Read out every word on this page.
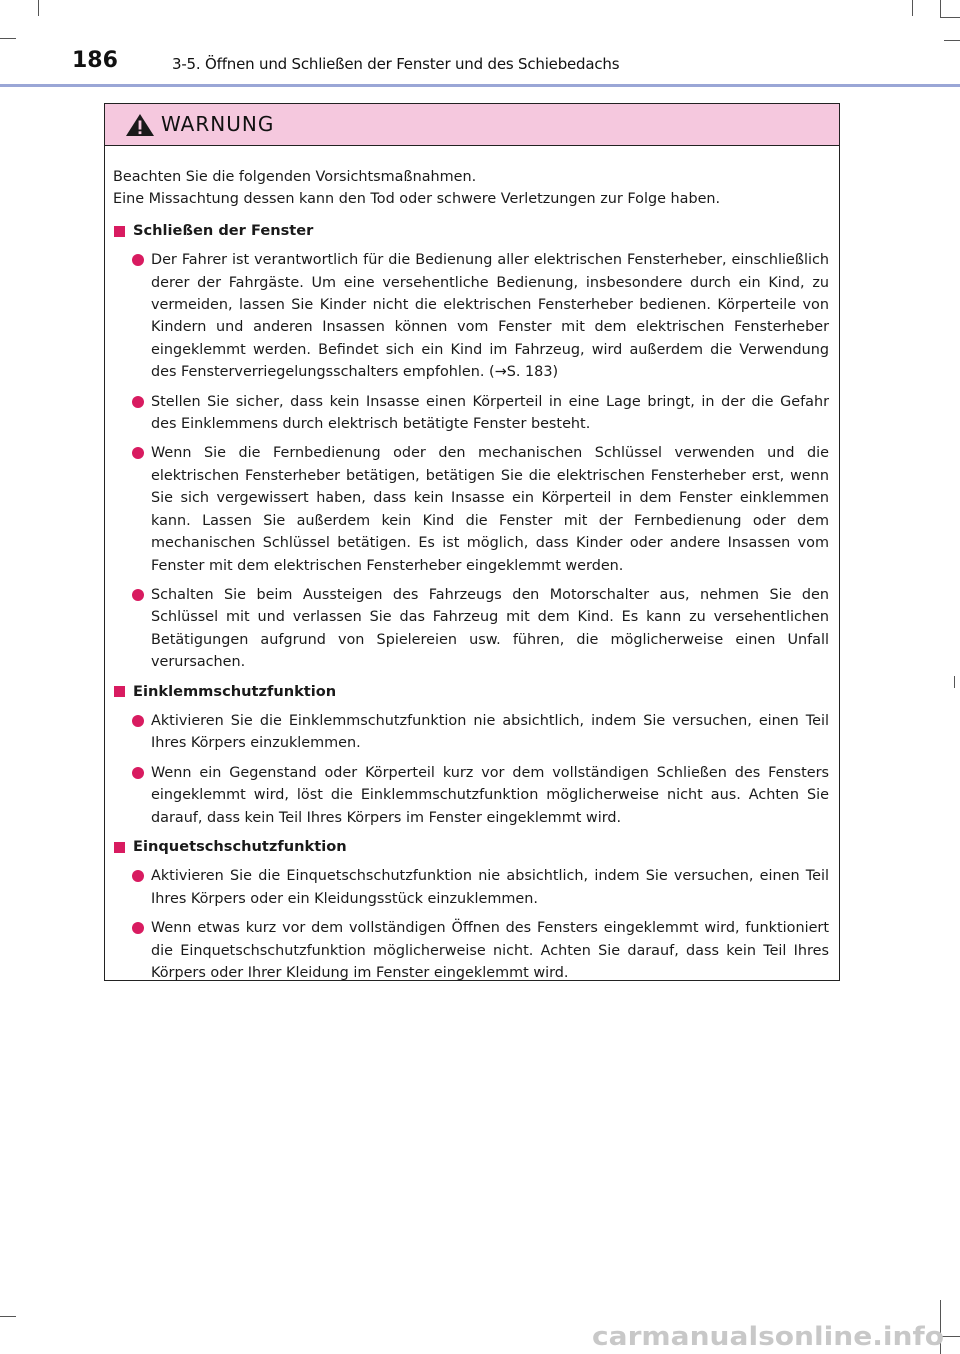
186	3-5. Öffnen und Schließen der Fenster und des Schiebedachs
WARNUNG
Beachten Sie die folgenden Vorsichtsmaßnahmen.
Eine Missachtung dessen kann den Tod oder schwere Verletzungen zur Folge haben.
Schließen der Fenster
Der Fahrer ist verantwortlich für die Bedienung aller elektrischen Fensterheber, einschließlich derer der Fahrgäste. Um eine versehentliche Bedienung, insbesondere durch ein Kind, zu vermeiden, lassen Sie Kinder nicht die elektrischen Fensterheber bedienen. Körperteile von Kindern und anderen Insassen können vom Fenster mit dem elektrischen Fensterheber eingeklemmt werden. Befindet sich ein Kind im Fahrzeug, wird außerdem die Verwendung des Fensterverriegelungsschalters empfohlen. (→S. 183)
Stellen Sie sicher, dass kein Insasse einen Körperteil in eine Lage bringt, in der die Gefahr des Einklemmens durch elektrisch betätigte Fenster besteht.
Wenn Sie die Fernbedienung oder den mechanischen Schlüssel verwenden und die elektrischen Fensterheber betätigen, betätigen Sie die elektrischen Fensterheber erst, wenn Sie sich vergewissert haben, dass kein Insasse ein Körperteil in dem Fenster einklemmen kann. Lassen Sie außerdem kein Kind die Fenster mit der Fernbedienung oder dem mechanischen Schlüssel betätigen. Es ist möglich, dass Kinder oder andere Insassen vom Fenster mit dem elektrischen Fensterheber eingeklemmt werden.
Schalten Sie beim Aussteigen des Fahrzeugs den Motorschalter aus, nehmen Sie den Schlüssel mit und verlassen Sie das Fahrzeug mit dem Kind. Es kann zu versehentlichen Betätigungen aufgrund von Spielereien usw. führen, die möglicherweise einen Unfall verursachen.
Einklemmschutzfunktion
Aktivieren Sie die Einklemmschutzfunktion nie absichtlich, indem Sie versuchen, einen Teil Ihres Körpers einzuklemmen.
Wenn ein Gegenstand oder Körperteil kurz vor dem vollständigen Schließen des Fensters eingeklemmt wird, löst die Einklemmschutzfunktion möglicherweise nicht aus. Achten Sie darauf, dass kein Teil Ihres Körpers im Fenster eingeklemmt wird.
Einquetschschutzfunktion
Aktivieren Sie die Einquetschschutzfunktion nie absichtlich, indem Sie versuchen, einen Teil Ihres Körpers oder ein Kleidungsstück einzuklemmen.
Wenn etwas kurz vor dem vollständigen Öffnen des Fensters eingeklemmt wird, funktioniert die Einquetschschutzfunktion möglicherweise nicht. Achten Sie darauf, dass kein Teil Ihres Körpers oder Ihrer Kleidung im Fenster eingeklemmt wird.
carmanualsonline.info
